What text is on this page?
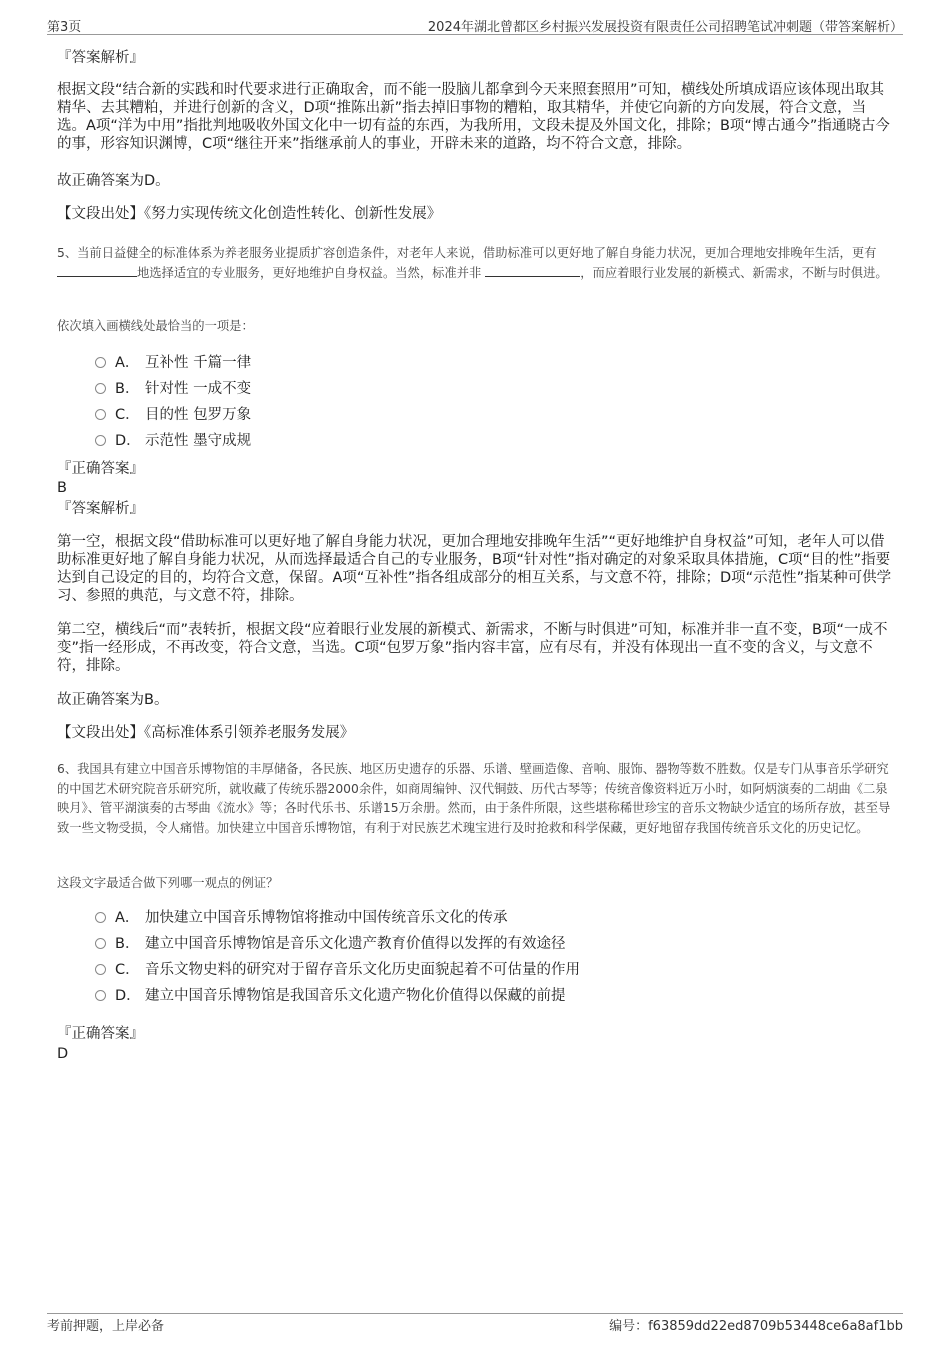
第3页	2024年湖北曾都区乡村振兴发展投资有限责任公司招聘笔试冲刺题（带答案解析）
『答案解析』
根据文段“结合新的实践和时代要求进行正确取舍，而不能一股脑儿都拿到今天来照套照用”可知，横线处所填成语应该体现出取其精华、去其糟粕，并进行创新的含义，D项“推陈出新”指去掉旧事物的糟粕，取其精华，并使它向新的方向发展，符合文意，当选。A项“洋为中用”指批判地吸收外国文化中一切有益的东西，为我所用，文段未提及外国文化，排除；B项“博古通今”指通晓古今的事，形容知识渊博，C项“继往开来”指继承前人的事业，开辟未来的道路，均不符合文意，排除。
故正确答案为D。
【文段出处】《努力实现传统文化创造性转化、创新性发展》
5、当前日益健全的标准体系为养老服务业提质扩容创造条件，对老年人来说，借助标准可以更好地了解自身能力状况，更加合理地安排晚年生活，更有 地选择适宜的专业服务，更好地维护自身权益。当然，标准并非	，而应着眼行业发展的新模式、新需求，不断与时俱进。
依次填入画横线处最恰当的一项是：
A． 互补性 千篇一律
B． 针对性 一成不变
C． 目的性 包罗万象
D． 示范性 墨守成规
『正确答案』
B
『答案解析』
第一空，根据文段“借助标准可以更好地了解自身能力状况，更加合理地安排晚年生活”“更好地维护自身权益”可知，老年人可以借助标准更好地了解自身能力状况，从而选择最适合自己的专业服务，B项“针对性”指对确定的对象采取具体措施，C项“目的性”指要达到自己设定的目的，均符合文意，保留。A项“互补性”指各组成部分的相互关系，与文意不符，排除；D项“示范性”指某种可供学习、参照的典范，与文意不符，排除。
第二空，横线后“而”表转折，根据文段“应着眼行业发展的新模式、新需求，不断与时俱进”可知，标准并非一直不变，B项“一成不变”指一经形成，不再改变，符合文意，当选。C项“包罗万象”指内容丰富，应有尽有，并没有体现出一直不变的含义，与文意不符，排除。
故正确答案为B。
【文段出处】《高标准体系引领养老服务发展》
6、我国具有建立中国音乐博物馆的丰厚储备，各民族、地区历史遗存的乐器、乐谱、壁画造像、音响、服饰、器物等数不胜数。仅是专门从事音乐学研究的中国艺术研究院音乐研究所，就收藏了传统乐器2000余件，如商周编钟、汉代铜鼓、历代古琴等；传统音像资料近万小时，如阿炳演奏的二胡曲《二泉映月》、管平湖演奏的古琴曲《流水》等；各时代乐书、乐谱15万余册。然而，由于条件所限，这些堪称稀世珍宝的音乐文物缺少适宜的场所存放，甚至导致一些文物受损，令人痛惜。加快建立中国音乐博物馆，有利于对民族艺术瑰宝进行及时抢救和科学保藏，更好地留存我国传统音乐文化的历史记忆。
这段文字最适合做下列哪一观点的例证？
A． 加快建立中国音乐博物馆将推动中国传统音乐文化的传承
B． 建立中国音乐博物馆是音乐文化遗产教育价值得以发挥的有效途径
C． 音乐文物史料的研究对于留存音乐文化历史面貌起着不可估量的作用
D． 建立中国音乐博物馆是我国音乐文化遗产物化价值得以保藏的前提
『正确答案』
D
考前押题，上岸必备	编号：f63859dd22ed8709b53448ce6a8af1bb
